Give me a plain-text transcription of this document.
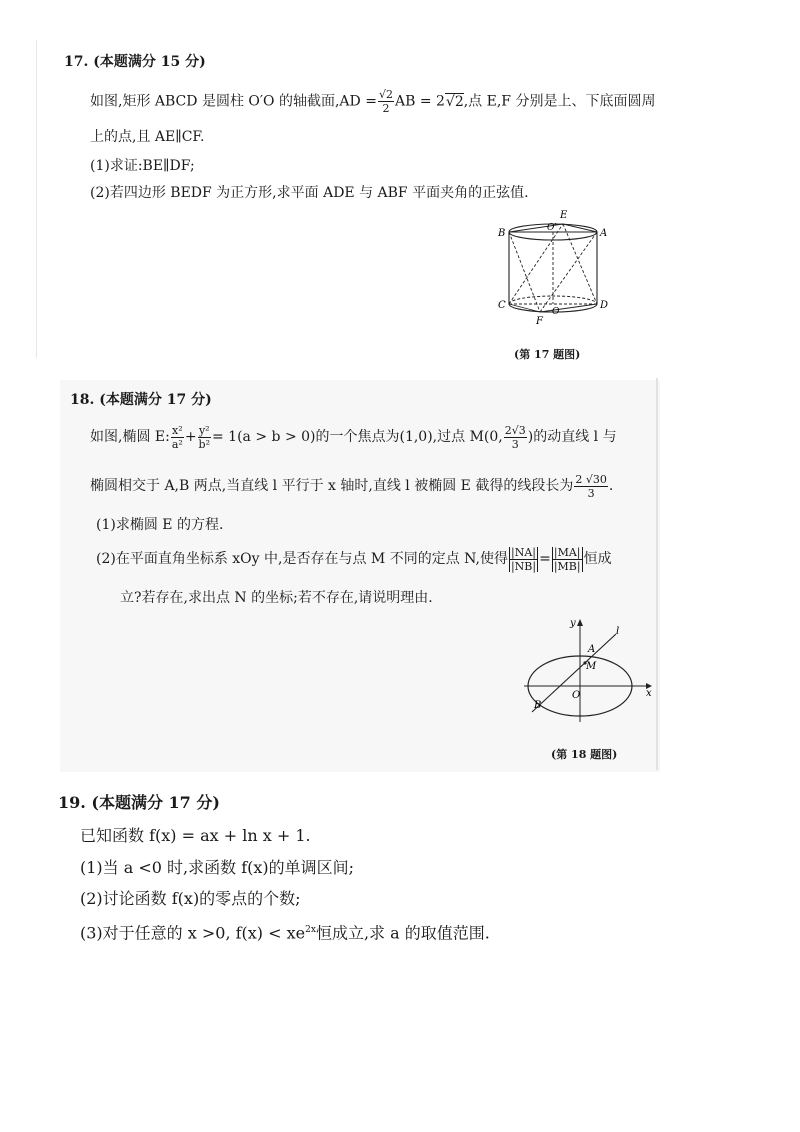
17. (本题满分 15 分)
如图,矩形 ABCD 是圆柱 O′O 的轴截面$,AD = \frac{√2}{2}$ AB = 2√2,点 E,F 分别是上、下底面圆周
上的点,且 AE∥CF.
(1)求证:BE∥DF;
(2)若四边形 BEDF 为正方形,求平面 ADE 与 ABF 平面夹角的正弦值.
B	A
C	D
E
F
O′
O
(第 17 题图)
18. (本题满分 17 分)
如图,椭圆 E: $\frac{\text{x²}}{\text{a²}} + \frac{\text{y²}}{\text{b²}} = 1(a > b > 0)$的一个焦点为(1,0),过点 M(0, $\frac{2√3}{3}$ )的动直线 l 与
椭圆相交于 A,B 两点,当直线 l 平行于 x 轴时,直线 l 被椭圆 E 截得的线段长为 $\frac{2 √30}{3}$ .
(1)求椭圆 E 的方程.
(2)在平面直角坐标系 xOy 中,是否存在与点 M 不同的定点 N,使得 $\frac{|NA|}{|NB|} = \frac{|MA|}{|MB|}$ 恒成
立?若存在,求出点 N 的坐标;若不存在,请说明理由.
y
x
l
A
M
O
B
(第 18 题图)
19. (本题满分 17 分)
已知函数 f(x) = ax + ln x + 1.
(1)当 a <0 时,求函数 f(x)的单调区间;
(2)讨论函数 f(x)的零点的个数;
(3)对于任意的 x >0, $f(x) < xe^{2x}$恒成立,求 a 的取值范围.
